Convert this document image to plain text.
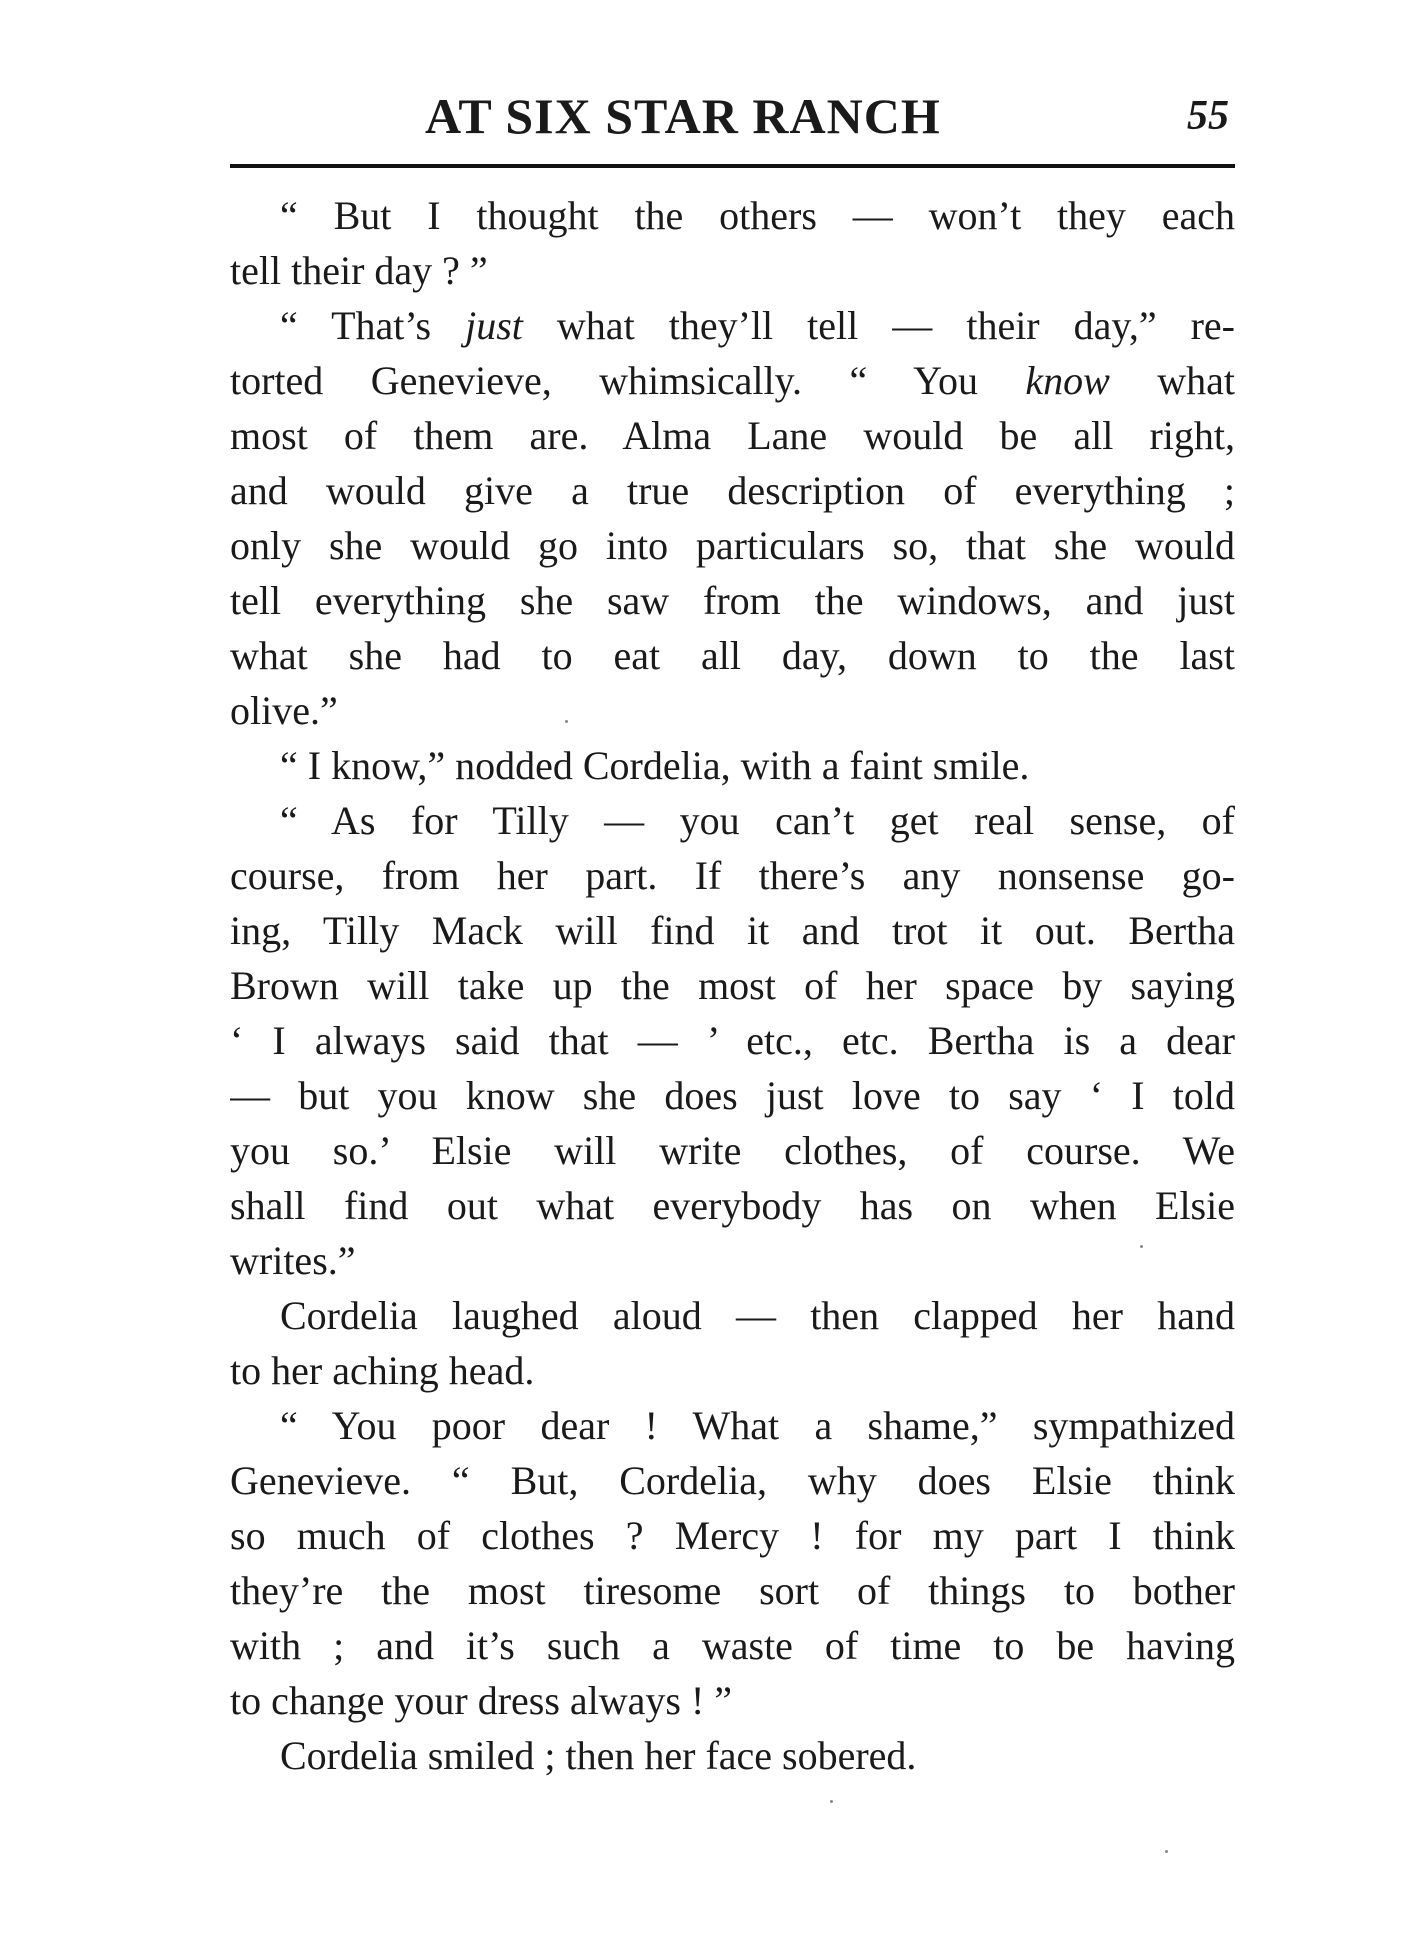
AT SIX STAR RANCH	55
“ But I thought the others — won’t they each
tell their day ? ”
“ That’s just what they’ll tell — their day,” re-
torted Genevieve, whimsically. “ You know what
most of them are. Alma Lane would be all right,
and would give a true description of everything ;
only she would go into particulars so, that she would
tell everything she saw from the windows, and just
what she had to eat all day, down to the last
olive.”
“ I know,” nodded Cordelia, with a faint smile.
“ As for Tilly — you can’t get real sense, of
course, from her part. If there’s any nonsense go-
ing, Tilly Mack will find it and trot it out. Bertha
Brown will take up the most of her space by saying
‘ I always said that — ’ etc., etc. Bertha is a dear
— but you know she does just love to say ‘ I told
you so.’ Elsie will write clothes, of course. We
shall find out what everybody has on when Elsie
writes.”
Cordelia laughed aloud — then clapped her hand
to her aching head.
“ You poor dear ! What a shame,” sympathized
Genevieve. “ But, Cordelia, why does Elsie think
so much of clothes ? Mercy ! for my part I think
they’re the most tiresome sort of things to bother
with ; and it’s such a waste of time to be having
to change your dress always ! ”
Cordelia smiled ; then her face sobered.
